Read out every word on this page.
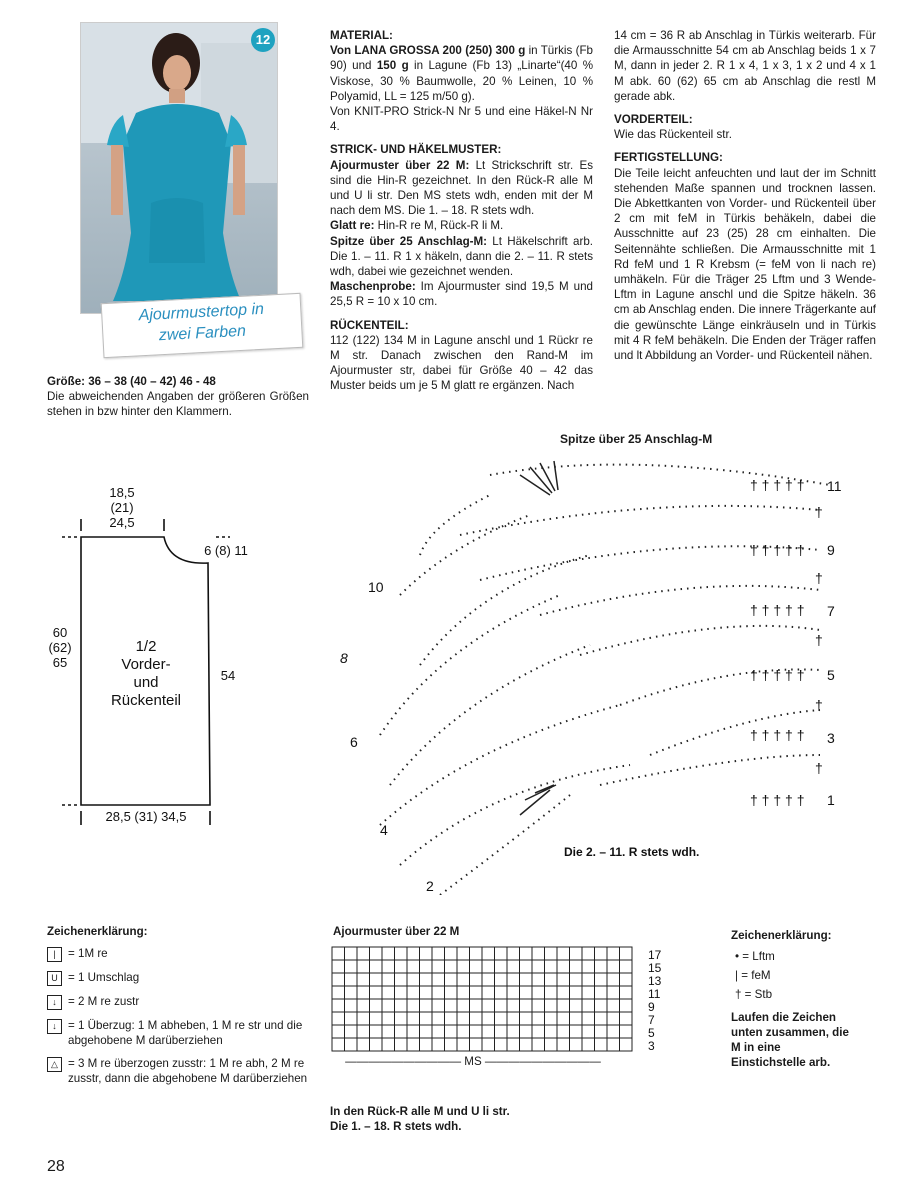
12
Ajourmustertop in
zwei Farben

Größe: 36 – 38 (40 – 42) 46 - 48

Die abweichenden Angaben der größeren Größen stehen in bzw hinter den Klammern.

MATERIAL:

Von LANA GROSSA 200 (250) 300 g in Türkis (Fb 90) und 150 g in Lagune (Fb 13) „Linarte“(40 % Viskose, 30 % Baumwolle, 20 % Leinen, 10 % Polyamid, LL = 125 m/50 g).

Von KNIT-PRO Strick-N Nr 5 und eine Häkel-N Nr 4.

STRICK- UND HÄKELMUSTER:

Ajourmuster über 22 M: Lt Strickschrift str. Es sind die Hin-R gezeichnet. In den Rück-R alle M und U li str. Den MS stets wdh, enden mit der M nach dem MS. Die 1. – 18. R stets wdh.

Glatt re: Hin-R re M, Rück-R li M.

Spitze über 25 Anschlag-M: Lt Häkelschrift arb. Die 1. – 11. R 1 x häkeln, dann die 2. – 11. R stets wdh, dabei wie gezeichnet wenden.

Maschenprobe: Im Ajourmuster sind 19,5 M und 25,5 R = 10 x 10 cm.

RÜCKENTEIL:

112 (122) 134 M in Lagune anschl und 1 Rückr re M str. Danach zwischen den Rand-M im Ajourmuster str, dabei für Größe 40 – 42 das Muster beids um je 5 M glatt re ergänzen. Nach

14 cm = 36 R ab Anschlag in Türkis weiterarb. Für die Armausschnitte 54 cm ab Anschlag beids 1 x 7 M, dann in jeder 2. R 1 x 4, 1 x 3, 1 x 2 und 4 x 1 M abk. 60 (62) 65 cm ab Anschlag die restl M gerade abk.

VORDERTEIL:

Wie das Rückenteil str.

FERTIGSTELLUNG:

Die Teile leicht anfeuchten und laut der im Schnitt stehenden Maße spannen und trocknen lassen. Die Abkettkanten von Vorder- und Rückenteil über 2 cm mit feM in Türkis behäkeln, dabei die Ausschnitte auf 23 (25) 28 cm einhalten. Die Seitennähte schließen. Die Armausschnitte mit 1 Rd feM und 1 R Krebsm (= feM von li nach re) umhäkeln. Für die Träger 25 Lftm und 3 Wende-Lftm in Lagune anschl und die Spitze häkeln. 36 cm ab Anschlag enden. Die innere Trägerkante auf die gewünschte Länge einkräuseln und in Türkis mit 4 R feM behäkeln. Die Enden der Träger raffen und lt Abbildung an Vorder- und Rückenteil nähen.

18,5
(21)
24,5
6 (8) 11
60
(62)
65
1/2
Vorder-
und
Rückenteil
54
28,5 (31) 34,5
Spitze über 25 Anschlag-M
† † † † †
† † † † †
† † † † †
† † † † †
† † † † †
† † † † †
†
†
†
†
†
11
9
7
5
3
1
10
8
6
4
2
Die 2. – 11. R stets wdh.
Zeichenerklärung:
|	= 1M re
U = 1 Umschlag
↓ = 2 M re zustr
↓ = 1 Überzug: 1 M abheben, 1 M re str und die abgehobene M darüberziehen
△ = 3 M re überzogen zusstr: 1 M re abh, 2 M re zusstr, dann die abgehobene M darüberziehen
Ajourmuster über 22 M
17
15
13
11
9
7
5
3
—————————— MS ——————————
In den Rück-R alle M und U li str.
Die 1. – 18. R stets wdh.
Zeichenerklärung:
• = Lftm
| = feM
† = Stb
Laufen die Zeichen unten zusammen, die M in eine Einstichstelle arb.
28
